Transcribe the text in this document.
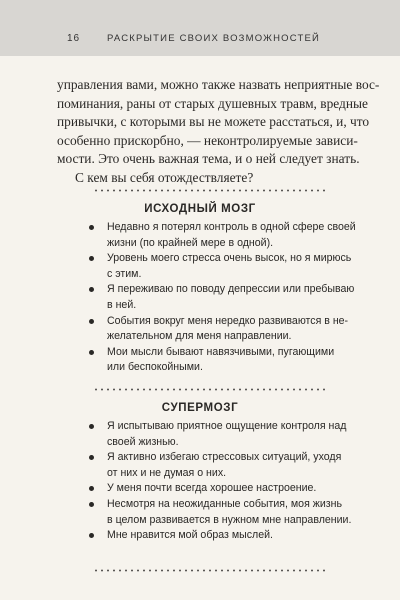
16	РАСКРЫТИЕ СВОИХ ВОЗМОЖНОСТЕЙ
управления вами, можно также назвать неприятные вос-
поминания, раны от старых душевных травм, вредные
привычки, с которыми вы не можете расстаться, и, что
особенно прискорбно, — неконтролируемые зависи-
мости. Это очень важная тема, и о ней следует знать.
С кем вы себя отождествляете?
ИСХОДНЫЙ МОЗГ
Недавно я потерял контроль в одной сфере своей
жизни (по крайней мере в одной).
Уровень моего стресса очень высок, но я мирюсь
с этим.
Я переживаю по поводу депрессии или пребываю
в ней.
События вокруг меня нередко развиваются в не-
желательном для меня направлении.
Мои мысли бывают навязчивыми, пугающими
или беспокойными.
СУПЕРМОЗГ
Я испытываю приятное ощущение контроля над
своей жизнью.
Я активно избегаю стрессовых ситуаций, уходя
от них и не думая о них.
У меня почти всегда хорошее настроение.
Несмотря на неожиданные события, моя жизнь
в целом развивается в нужном мне направлении.
Мне нравится мой образ мыслей.
